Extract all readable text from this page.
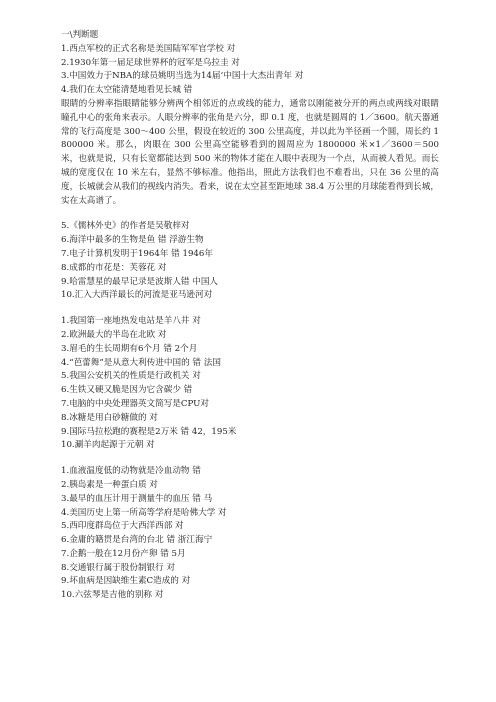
一\判断题
1.西点军校的正式名称是美国陆军军官学校 对
2.1930年第一届足球世界杯的冠军是乌拉圭 对
3.中国效力于NBA的球员姚明当选为14届‘中国十大杰出青年 对
4.我们在太空能清楚地看见长城 错
眼睛的分辨率指眼睛能够分辨两个相邻近的点或线的能力，通常以刚能被分开的两点或两线对眼睛瞳孔中心的张角来表示。人眼分辨率的张角是六分，即 0.1 度，也就是圆周的 1／3600。航天器通常的飞行高度是 300～400 公里，假设在较近的 300 公里高度，并以此为半径画一个圆，周长约 1800000 米。那么，肉眼在 300 公里高空能够看到的圆周应为 1800000 米×1／3600＝500 米，也就是说，只有长宽都能达到 500 米的物体才能在人眼中表现为一个点，从而被人看见。而长城的宽度仅在 10 米左右，显然不够标准。他指出，照此方法我们也不难看出，只在 36 公里的高度，长城就会从我们的视线内消失。看来，说在太空甚至距地球 38.4 万公里的月球能看得到长城，实在太高谱了。
5.《儒林外史》的作者是吴敬梓对
6.海洋中最多的生物是鱼 错 浮游生物
7.电子计算机发明于1964年 错 1946年
8.成都的市花是：芙蓉花 对
9.哈雷慧星的最早记录是波斯人错 中国人
10.汇入大西洋最长的河流是亚马逊河对
1.我国第一座地热发电站是羊八井 对
2.欧洲最大的半岛在北欧 对
3.眉毛的生长周期有6个月 错 2个月
4.“芭蕾舞”是从意大利传进中国的 错 法国
5.我国公安机关的性质是行政机关 对
6.生铁又硬又脆是因为它含碳少 错
7.电脑的中央处理器英文简写是CPU对
8.冰糖是用白砂糖做的 对
9.国际马拉松跑的赛程是2万米 错 42，195米
10.涮羊肉起源于元朝 对
1.血液温度低的动物就是冷血动物 错
2.胰岛素是一种蛋白质 对
3.最早的血压计用于测量牛的血压 错 马
4.美国历史上第一所高等学府是哈佛大学 对
5.西印度群岛位于大西洋西部 对
6.金庸的籍贯是台湾的台北 错 浙江海宁
7.企鹅一般在12月份产卵 错 5月
8.交通银行属于股份制银行 对
9.坏血病是因缺维生素C造成的 对
10.六弦琴是吉他的别称 对
